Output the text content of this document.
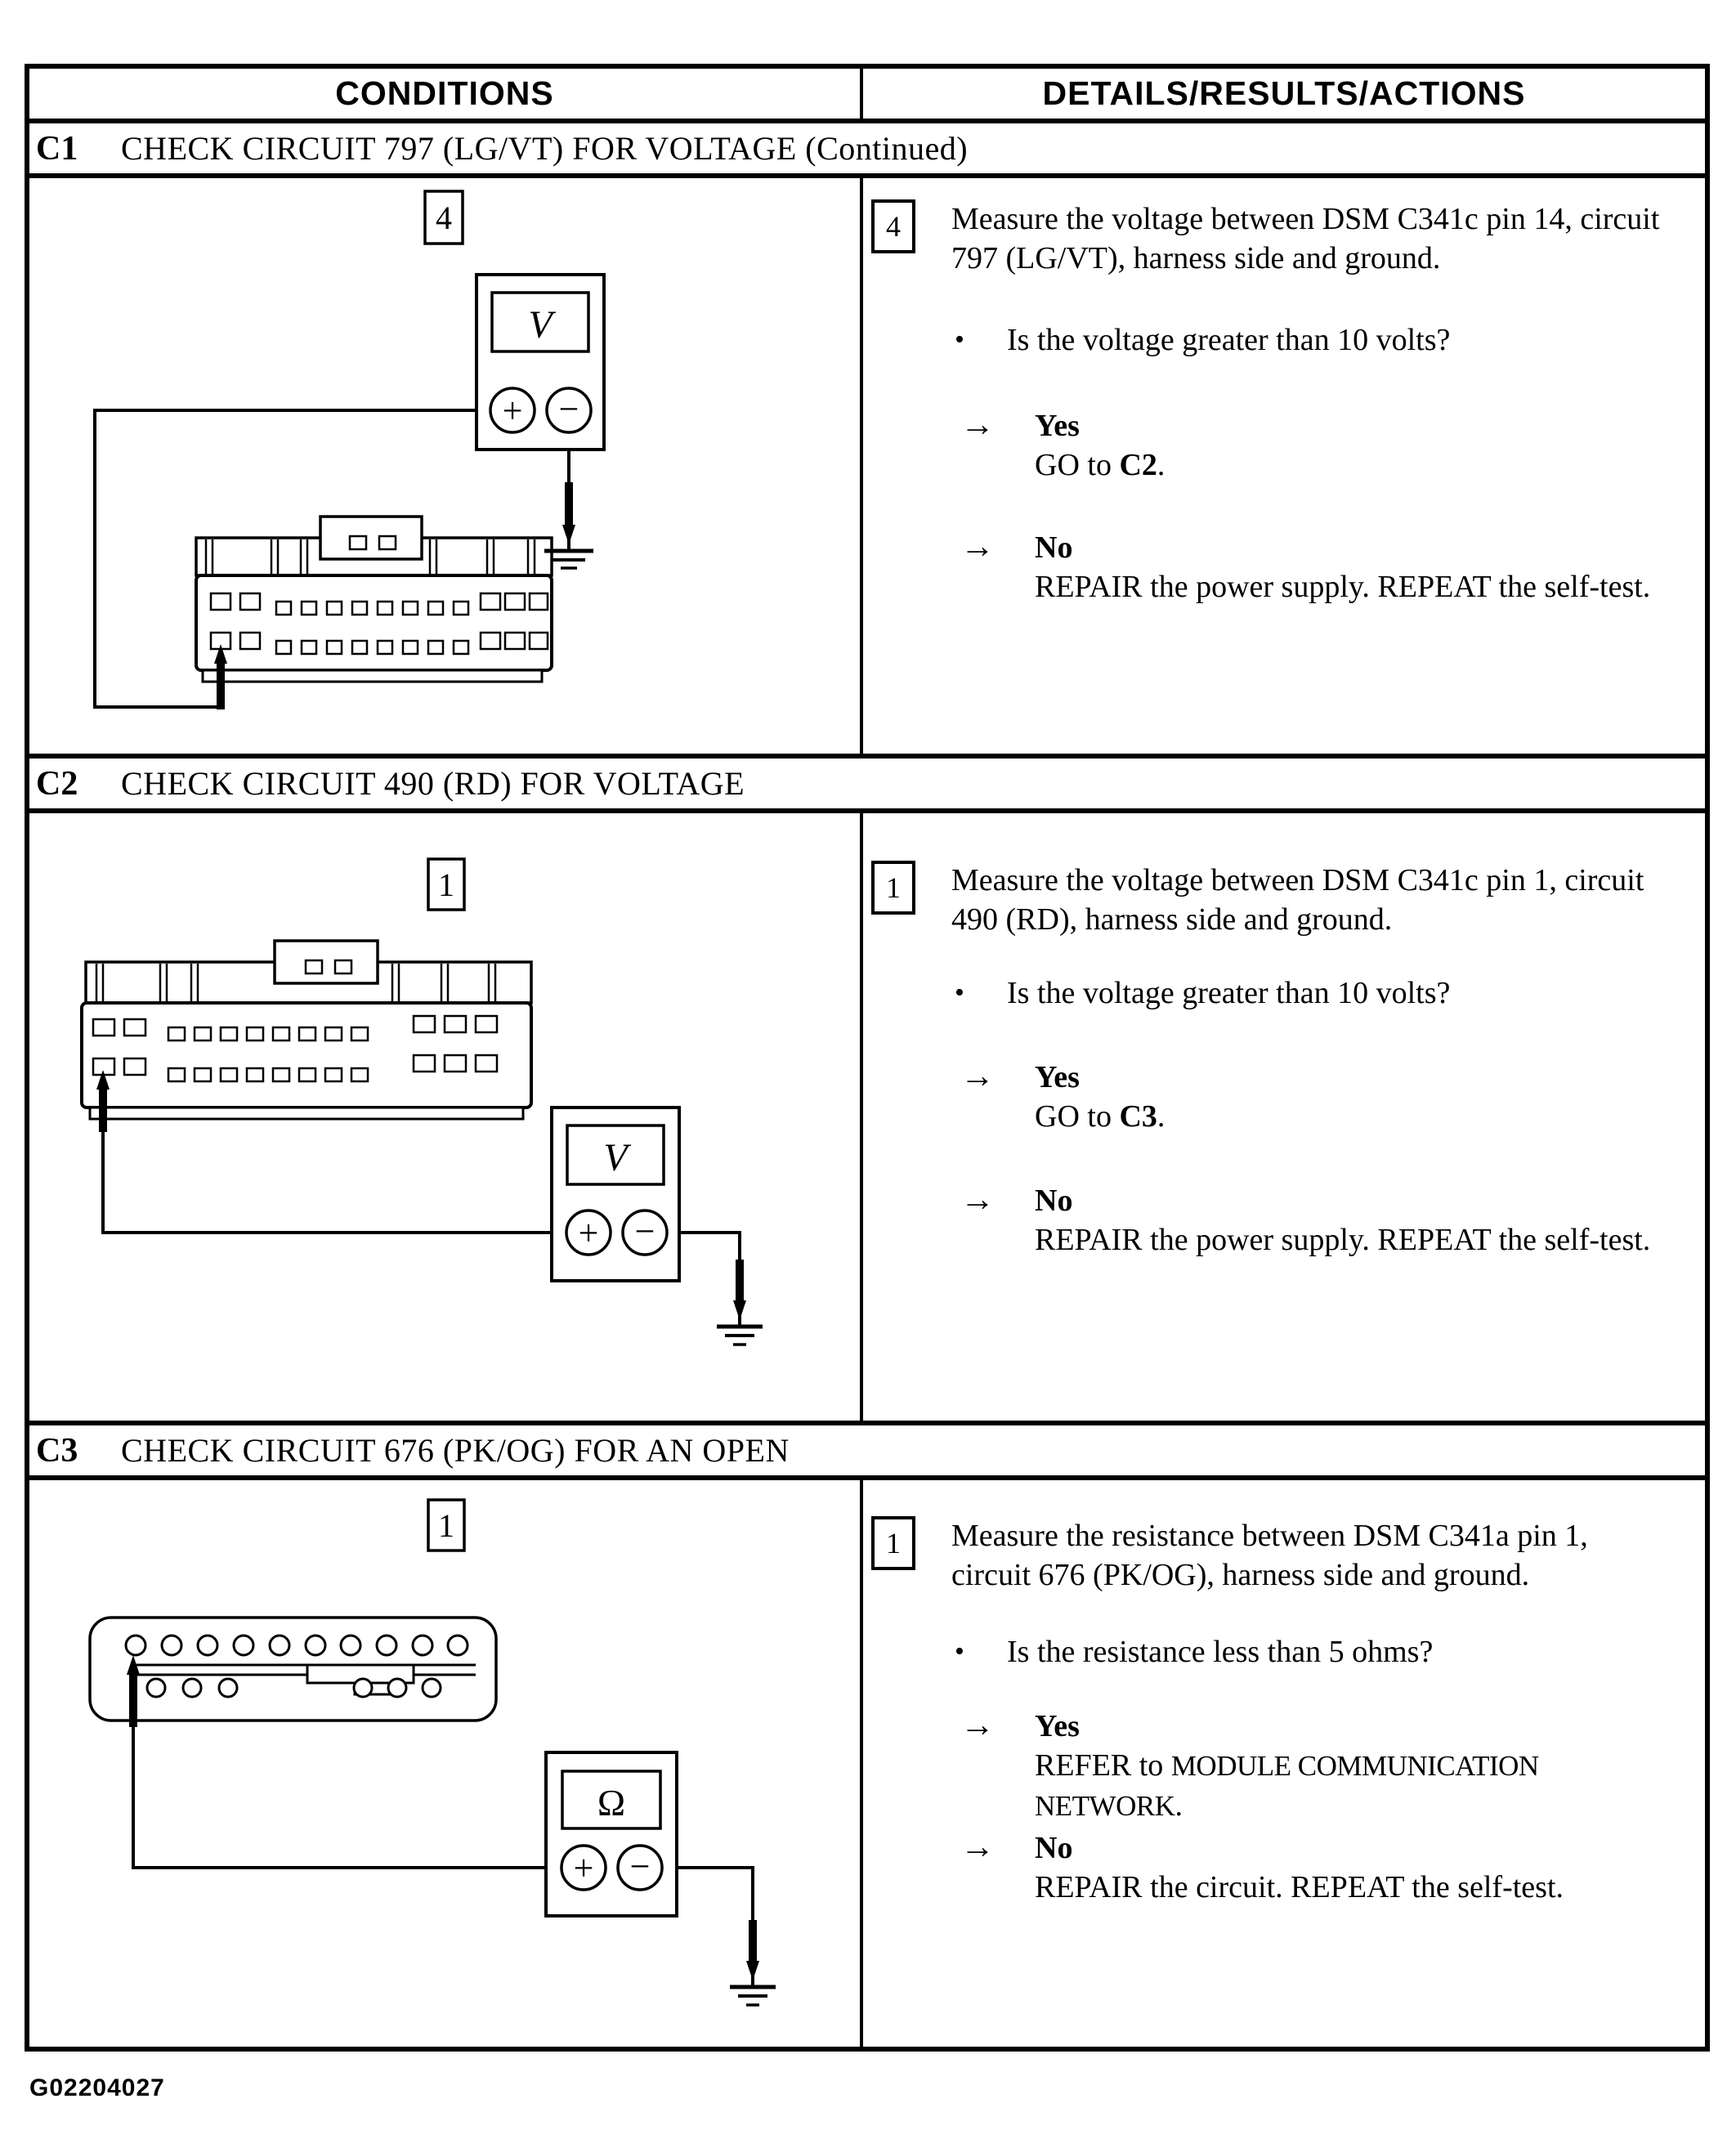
CONDITIONS	DETAILS/RESULTS/ACTIONS
C1	CHECK CIRCUIT 797 (LG/VT) FOR VOLTAGE (Continued)
4
V
+ −
4	Measure the voltage between DSM C341c pin 14, circuit 797 (LG/VT), harness side and ground.
•	Is the voltage greater than 10 volts?
→ Yes
GO to C2.
→ No
REPAIR the power supply. REPEAT the self-test.
C2	CHECK CIRCUIT 490 (RD) FOR VOLTAGE
1
V
+ −
1	Measure the voltage between DSM C341c pin 1, circuit 490 (RD), harness side and ground.
•	Is the voltage greater than 10 volts?
→ Yes
GO to C3.
→ No
REPAIR the power supply. REPEAT the self-test.
C3	CHECK CIRCUIT 676 (PK/OG) FOR AN OPEN
1
Ω
+ −
1	Measure the resistance between DSM C341a pin 1, circuit 676 (PK/OG), harness side and ground.
•	Is the resistance less than 5 ohms?
→ Yes
REFER to MODULE COMMUNICATION NETWORK.
→ No
REPAIR the circuit. REPEAT the self-test.
G02204027
